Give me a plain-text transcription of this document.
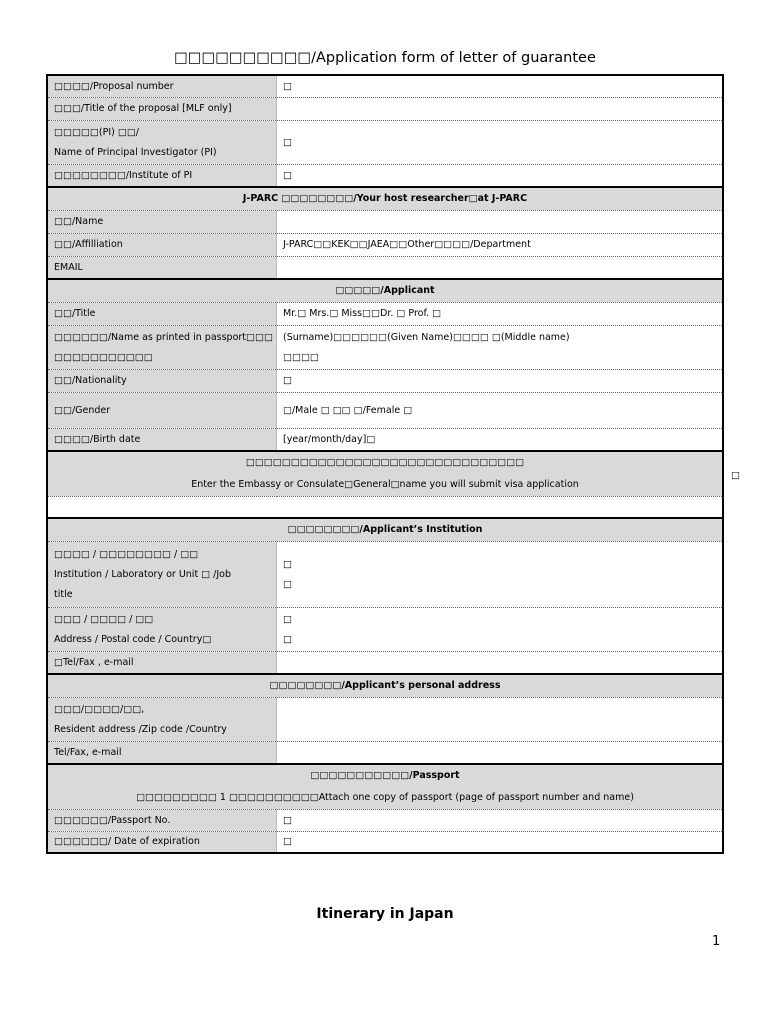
□□□□□□□□□□/Application form of letter of guarantee
□□□□/Proposal number	□
□□□/Title of the proposal [MLF only]	

□□□□□(PI) □□/
Name of Principal Investigator (PI)	□
□□□□□□□□/Institute of PI	□
J-PARC □□□□□□□□/Your host researcher□at J-PARC	
□□/Name	
□□/Affilliation	J-PARC□□KEK□□JAEA□□Other□□□□/Department
EMAIL	
□□□□□/Applicant	
□□/Title	Mr.□ Mrs.□ Miss□□Dr. □ Prof. □

□□□□□□/Name as printed in passport□□□
□□□□□□□□□□□	(Surname)□□□□□□(Given Name)□□□□ □(Middle name)
□□□□

□□/Nationality	□
□□/Gender	□/Male □ □□ □/Female □
□□□□/Birth date	[year/month/day]□
□□□□□□□□□□□□□□□□□□□□□□□□□□□□□□□	
Enter the Embassy or Consulate□General□name you will submit visa application	

□□□□□□□□/Applicant’s Institution	

□□□□ / □□□□□□□□ / □□
Institution / Laboratory or Unit □ /Job
title	□
□

□□□ / □□□□ / □□
Address / Postal code / Country□	□
□

□Tel/Fax , e-mail	
□□□□□□□□/Applicant’s personal address	

□□□/□□□□/□□,
Resident address /Zip code /Country	

Tel/Fax, e-mail	
□□□□□□□□□□□/Passport	
□□□□□□□□□ 1 □□□□□□□□□□Attach one copy of passport (page of passport number and name)	
□□□□□□/Passport No.	□
□□□□□□/ Date of expiration	□
□
Itinerary in Japan
1
